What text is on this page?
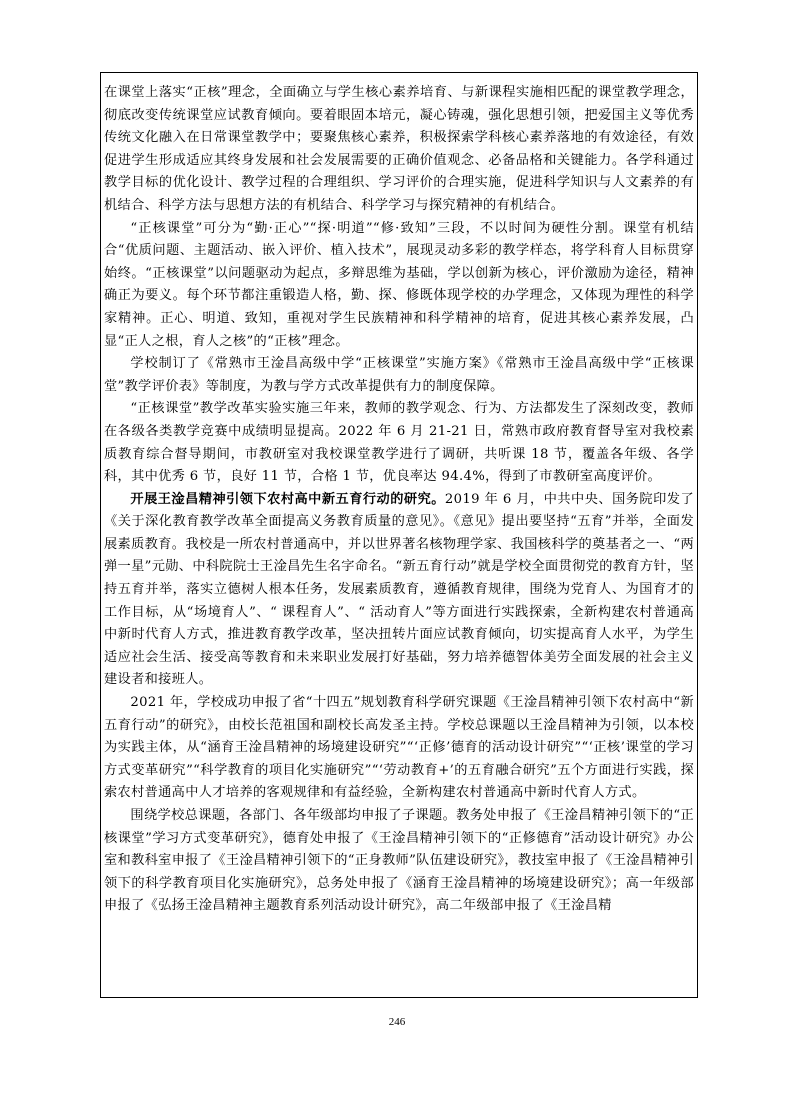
在课堂上落实“正核”理念，全面确立与学生核心素养培育、与新课程实施相匹配的课堂教学理念，彻底改变传统课堂应试教育倾向。要着眼固本培元，凝心铸魂，强化思想引领，把爱国主义等优秀传统文化融入在日常课堂教学中；要聚焦核心素养，积极探索学科核心素养落地的有效途径，有效促进学生形成适应其终身发展和社会发展需要的正确价值观念、必备品格和关键能力。各学科通过教学目标的优化设计、教学过程的合理组织、学习评价的合理实施，促进科学知识与人文素养的有机结合、科学方法与思想方法的有机结合、科学学习与探究精神的有机结合。

“正核课堂”可分为“勤·正心”“探·明道”“修·致知”三段，不以时间为硬性分割。课堂有机结合“优质问题、主题活动、嵌入评价、植入技术”，展现灵动多彩的教学样态，将学科育人目标贯穿始终。“正核课堂”以问题驱动为起点，多辩思维为基础，学以创新为核心，评价激励为途径，精神确正为要义。每个环节都注重锻造人格，勤、探、修既体现学校的办学理念，又体现为理性的科学家精神。正心、明道、致知，重视对学生民族精神和科学精神的培育，促进其核心素养发展，凸显“正人之根，育人之核”的“正核”理念。

学校制订了《常熟市王淦昌高级中学“正核课堂”实施方案》《常熟市王淦昌高级中学“正核课堂”教学评价表》等制度，为教与学方式改革提供有力的制度保障。

“正核课堂”教学改革实验实施三年来，教师的教学观念、行为、方法都发生了深刻改变，教师在各级各类教学竞赛中成绩明显提高。2022 年 6 月 21-21 日，常熟市政府教育督导室对我校素质教育综合督导期间，市教研室对我校课堂教学进行了调研，共听课 18 节，覆盖各年级、各学科，其中优秀 6 节，良好 11 节，合格 1 节，优良率达 94.4%，得到了市教研室高度评价。

开展王淦昌精神引领下农村高中新五育行动的研究。2019 年 6 月，中共中央、国务院印发了《关于深化教育教学改革全面提高义务教育质量的意见》。《意见》提出要坚持“五育”并举，全面发展素质教育。我校是一所农村普通高中，并以世界著名核物理学家、我国核科学的奠基者之一、“两弹一星”元勋、中科院院士王淦昌先生名字命名。“新五育行动”就是学校全面贯彻党的教育方针，坚持五育并举，落实立德树人根本任务，发展素质教育，遵循教育规律，围绕为党育人、为国育才的工作目标，从“场境育人”、“ 课程育人”、“ 活动育人”等方面进行实践探索，全新构建农村普通高中新时代育人方式，推进教育教学改革，坚决扭转片面应试教育倾向，切实提高育人水平，为学生适应社会生活、接受高等教育和未来职业发展打好基础，努力培养德智体美劳全面发展的社会主义建设者和接班人。

2021 年，学校成功申报了省“十四五”规划教育科学研究课题《王淦昌精神引领下农村高中“新五育行动”的研究》，由校长范祖国和副校长高发圣主持。学校总课题以王淦昌精神为引领，以本校为实践主体，从“涵育王淦昌精神的场境建设研究”“‘正修’德育的活动设计研究”“‘正核’课堂的学习方式变革研究”“科学教育的项目化实施研究”“‘劳动教育+’的五育融合研究”五个方面进行实践，探索农村普通高中人才培养的客观规律和有益经验，全新构建农村普通高中新时代育人方式。

围绕学校总课题，各部门、各年级部均申报了子课题。教务处申报了《王淦昌精神引领下的“正核课堂”学习方式变革研究》，德育处申报了《王淦昌精神引领下的“正修德育”活动设计研究》办公室和教科室申报了《王淦昌精神引领下的“正身教师”队伍建设研究》，教技室申报了《王淦昌精神引领下的科学教育项目化实施研究》，总务处申报了《涵育王淦昌精神的场境建设研究》；高一年级部申报了《弘扬王淦昌精神主题教育系列活动设计研究》，高二年级部申报了《王淦昌精

246
